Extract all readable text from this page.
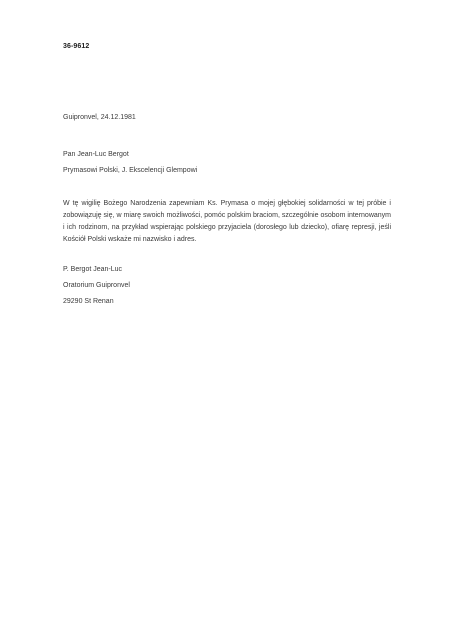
36-9612
Guipronvel, 24.12.1981
Pan Jean-Luc Bergot
Prymasowi Polski, J. Ekscelencji Glempowi
W tę wigilię Bożego Narodzenia zapewniam Ks. Prymasa o mojej głębokiej solidarności w tej próbie i zobowiązuję się, w miarę swoich możliwości, pomóc polskim braciom, szczególnie osobom internowanym i ich rodzinom, na przykład wspierając polskiego przyjaciela (dorosłego lub dziecko), ofiarę represji, jeśli Kościół Polski wskaże mi nazwisko i adres.
P. Bergot Jean-Luc
Oratorium Guipronvel
29290 St Renan
